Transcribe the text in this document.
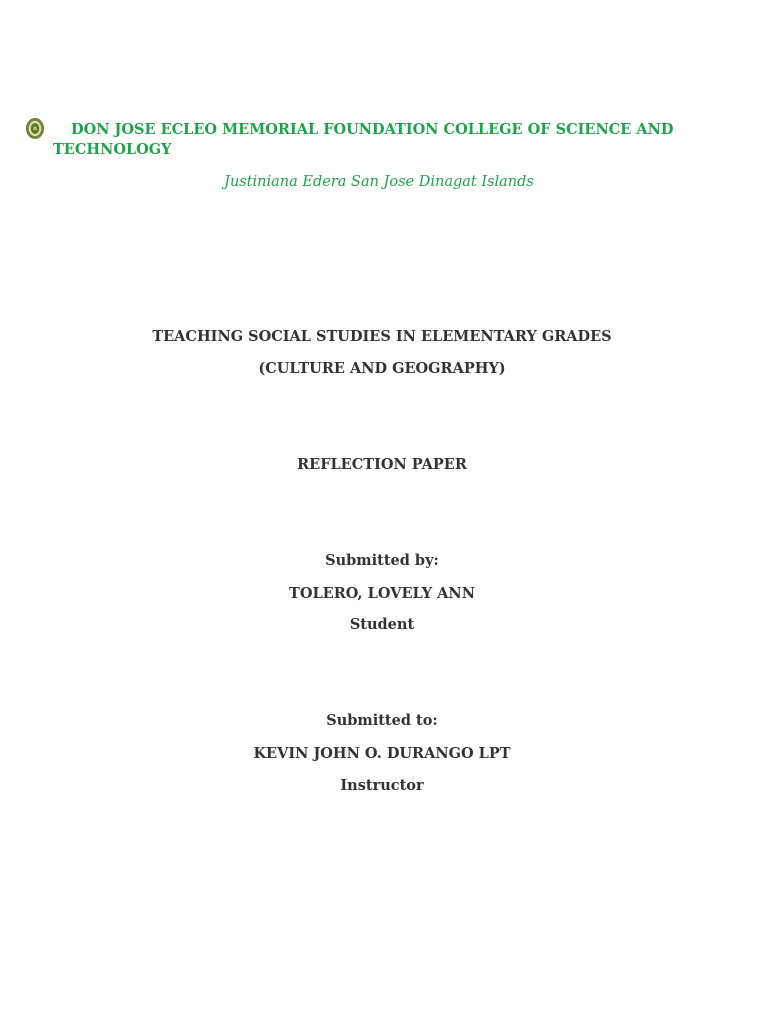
DON JOSE ECLEO MEMORIAL FOUNDATION COLLEGE OF SCIENCE AND TECHNOLOGY
Justiniana Edera San Jose Dinagat Islands
TEACHING SOCIAL STUDIES IN ELEMENTARY GRADES
(CULTURE AND GEOGRAPHY)
REFLECTION PAPER
Submitted by:
TOLERO, LOVELY ANN
Student
Submitted to:
KEVIN JOHN O. DURANGO LPT
Instructor
